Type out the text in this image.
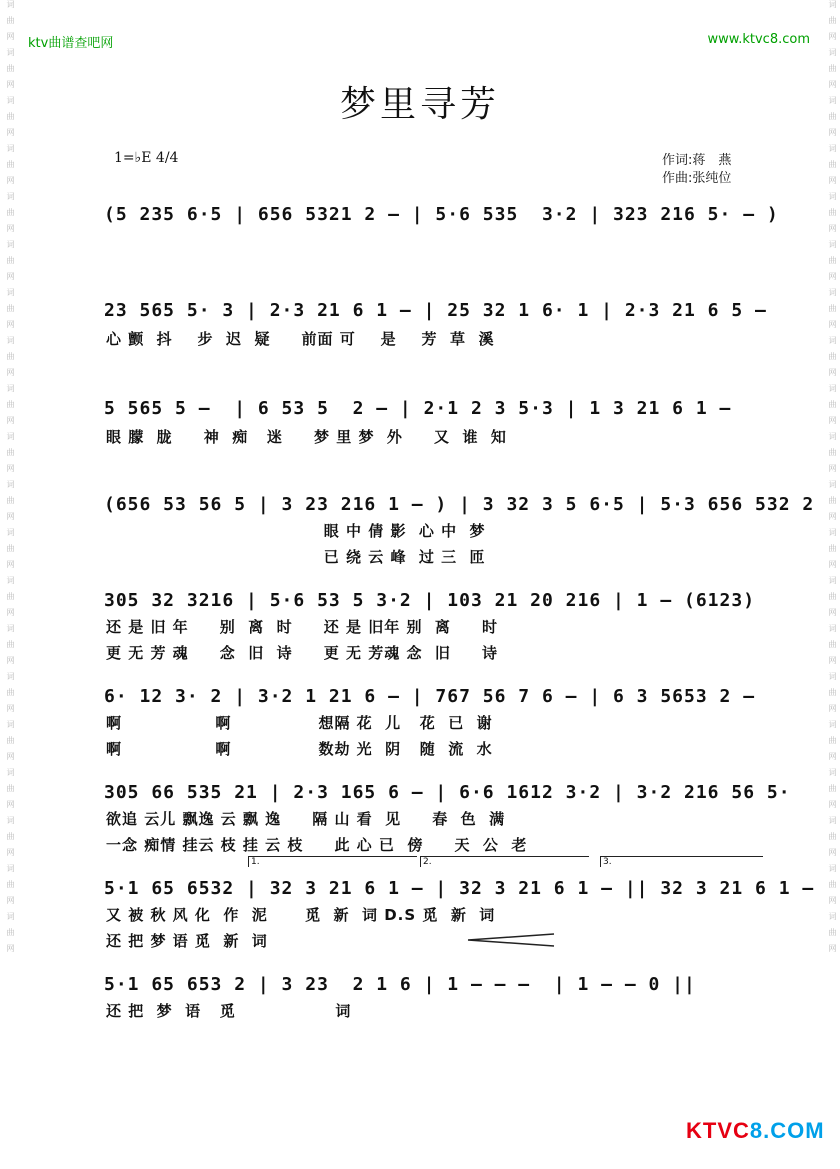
词曲网词曲网词曲网词曲网词曲网词曲网词曲网词曲网词曲网词曲网词曲网词曲网词曲网词曲网词曲网词曲网词曲网词曲网词曲网词曲网	词曲网词曲网词曲网词曲网词曲网词曲网词曲网词曲网词曲网词曲网词曲网词曲网词曲网词曲网词曲网词曲网词曲网词曲网词曲网词曲网
ktv曲谱查吧网	www.ktvc8.com
梦里寻芳
1=♭E 4/4	作词:蒋　燕
作曲:张纯位
(5 235 6·5 | 656 5321 2 – | 5·6 535  3·2 | 323 216 5· – )
23 565 5· 3 | 2·3 21 6 1 – | 25 32 1 6· 1 | 2·3 21 6 5 –
心 颤  抖    步  迟  疑     前面 可    是    芳  草  溪
5 565 5 –  | 6 53 5  2 – | 2·1 2 3 5·3 | 1 3 21 6 1 –
眼 朦  胧     神  痴   迷     梦 里 梦  外     又  谁  知
(656 53 56 5 | 3 23 216 1 – ) | 3 32 3 5 6·5 | 5·3 656 532 2
眼 中 倩 影  心 中  梦
已 绕 云 峰  过 三  匝
305 32 3216 | 5·6 53 5 3·2 | 103 21 20 216 | 1 – (6123)
还 是 旧 年     别  离  时     还 是 旧年 别  离     时
更 无 芳 魂     念  旧  诗     更 无 芳魂 念  旧     诗
6· 12 3· 2 | 3·2 1 21 6 – | 767 56 7 6 – | 6 3 5653 2 –
啊               啊              想隔 花  儿   花  已  谢
啊               啊              数劫 光  阴   随  流  水
305 66 535 21 | 2·3 165 6 – | 6·6 1612 3·2 | 3·2 216 56 5·
欲追 云儿 飘逸 云 飘 逸     隔 山 看  见     春  色  满
一念 痴情 挂云 枝 挂 云 枝     此 心 已  傍     天  公  老
1.	2.	3.
5·1 65 6532 | 32 3 21 6 1 – | 32 3 21 6 1 – || 32 3 21 6 1 –
又 被 秋 风 化  作  泥      觅  新  词 D.S 觅  新  词
还 把 梦 语 觅  新  词
5·1 65 653 2 | 3 23  2 1 6 | 1 – – –  | 1 – – 0 ||
还 把  梦  语   觅                词
KTVC8.COM
